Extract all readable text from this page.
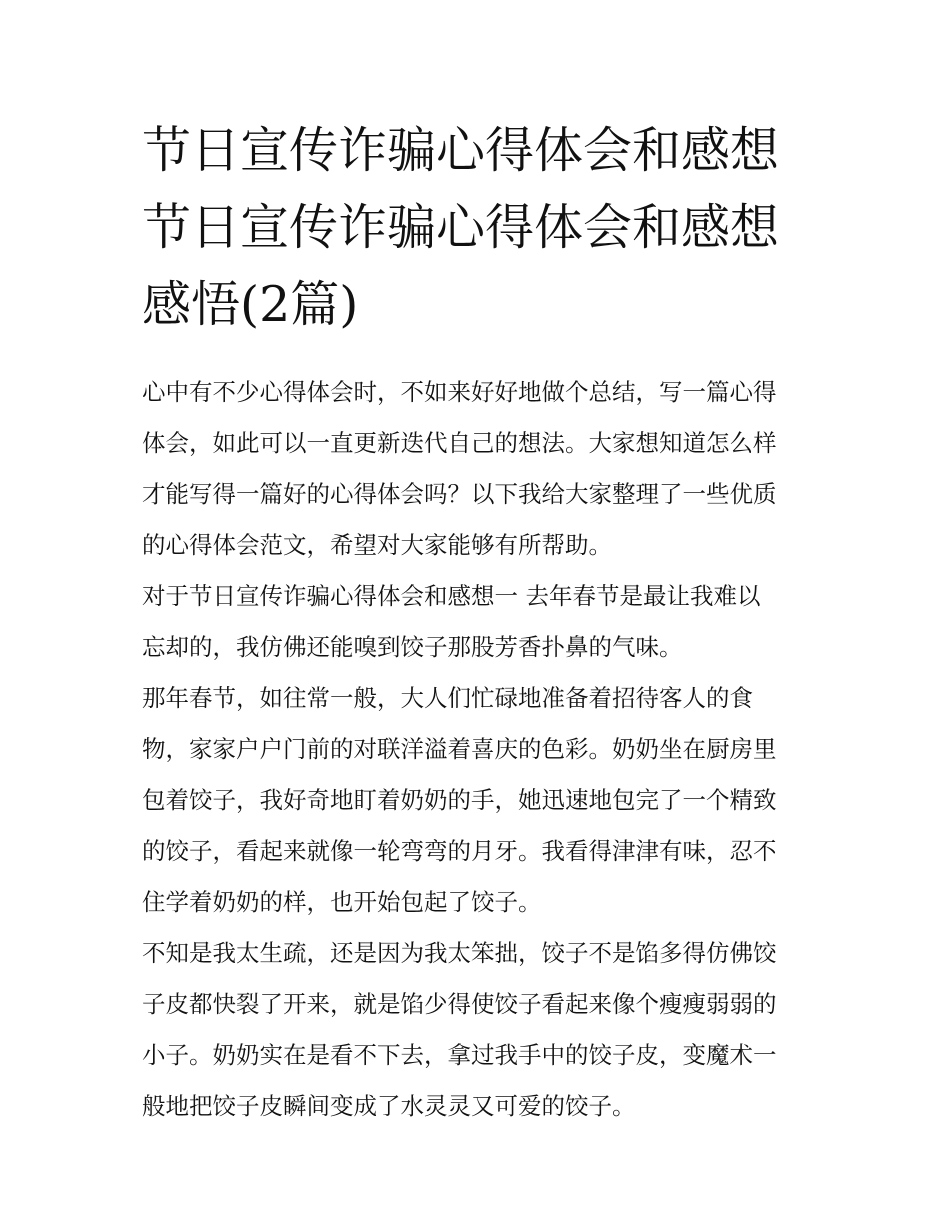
节日宣传诈骗心得体会和感想
节日宣传诈骗心得体会和感想
感悟(2篇)

心中有不少心得体会时，不如来好好地做个总结，写一篇心得
体会，如此可以一直更新迭代自己的想法。大家想知道怎么样
才能写得一篇好的心得体会吗？以下我给大家整理了一些优质
的心得体会范文，希望对大家能够有所帮助。

对于节日宣传诈骗心得体会和感想一 去年春节是最让我难以
忘却的，我仿佛还能嗅到饺子那股芳香扑鼻的气味。

那年春节，如往常一般，大人们忙碌地准备着招待客人的食
物，家家户户门前的对联洋溢着喜庆的色彩。奶奶坐在厨房里
包着饺子，我好奇地盯着奶奶的手，她迅速地包完了一个精致
的饺子，看起来就像一轮弯弯的月牙。我看得津津有味，忍不
住学着奶奶的样，也开始包起了饺子。

不知是我太生疏，还是因为我太笨拙，饺子不是馅多得仿佛饺
子皮都快裂了开来，就是馅少得使饺子看起来像个瘦瘦弱弱的
小子。奶奶实在是看不下去，拿过我手中的饺子皮，变魔术一
般地把饺子皮瞬间变成了水灵灵又可爱的饺子。
